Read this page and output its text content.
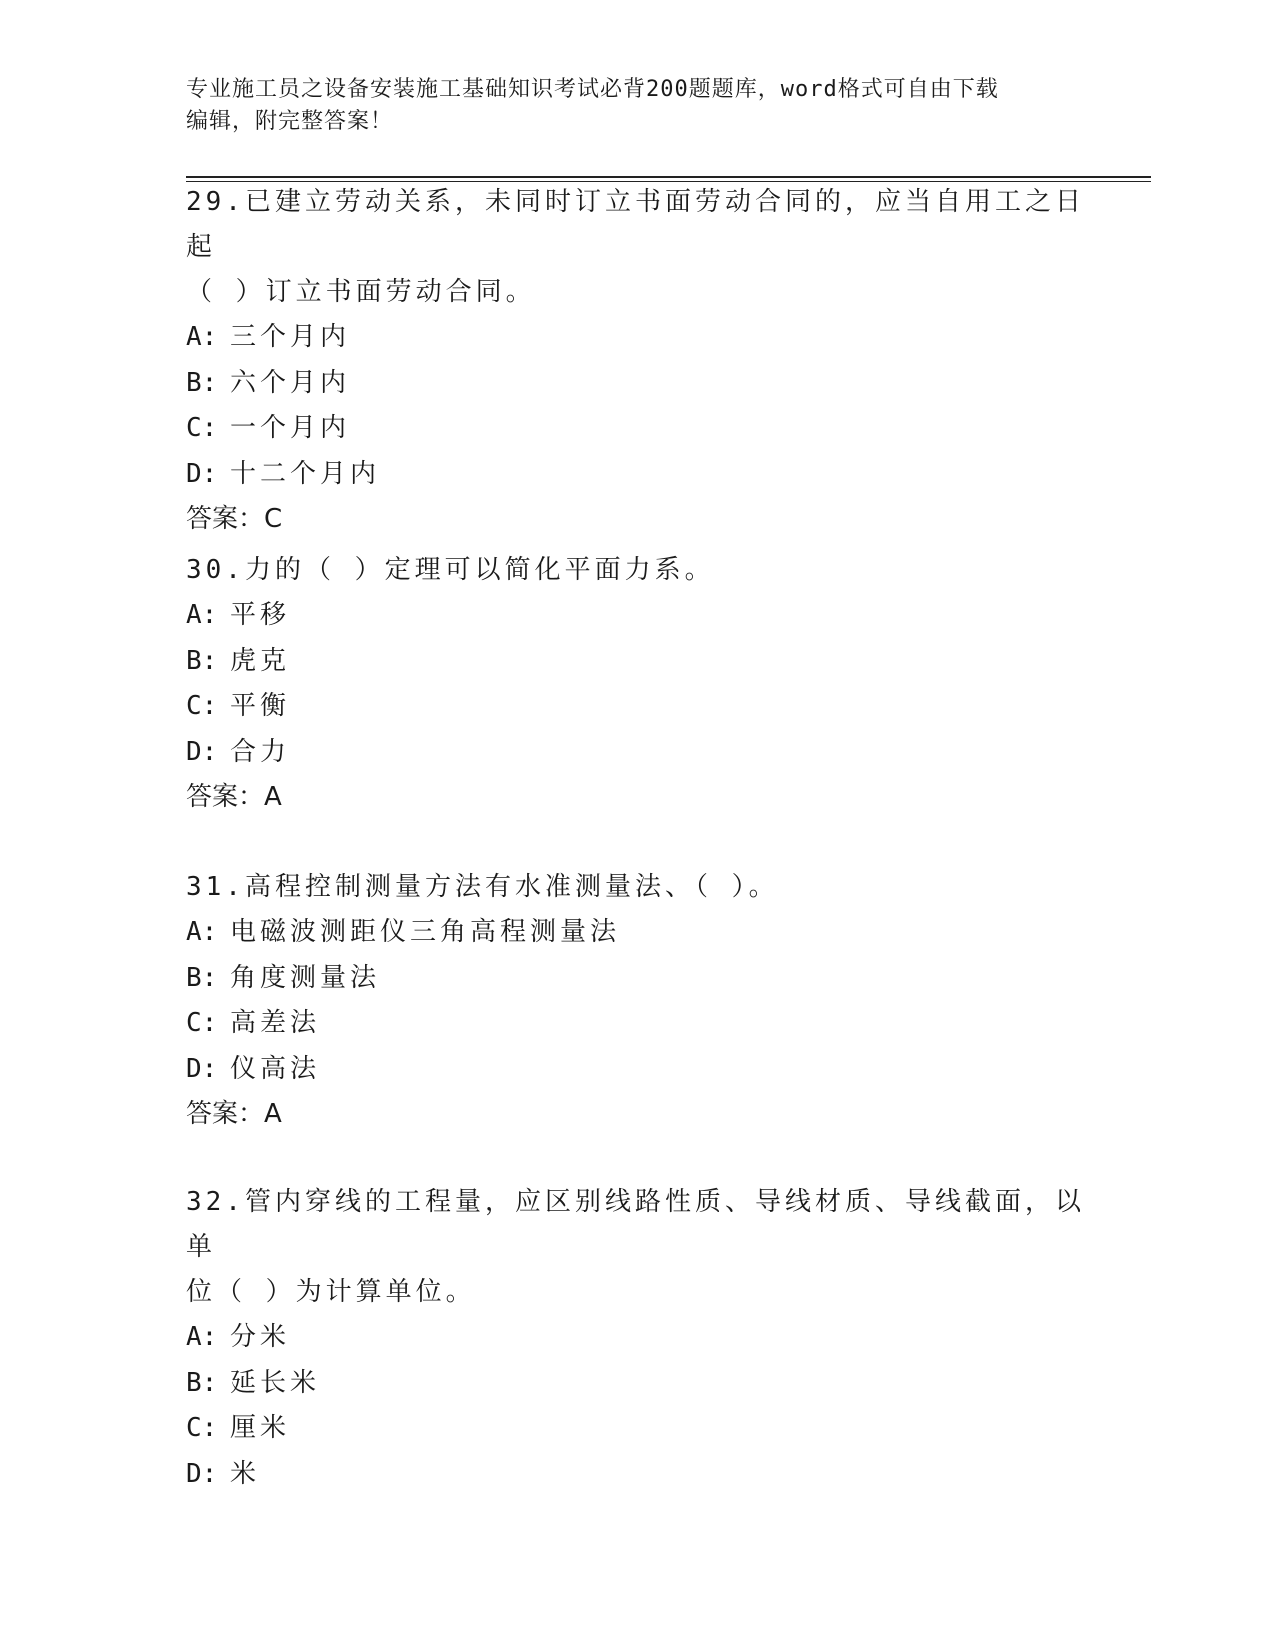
专业施工员之设备安装施工基础知识考试必背200题题库，word格式可自由下载
编辑，附完整答案！
29.已建立劳动关系，未同时订立书面劳动合同的，应当自用工之日起
（ ）订立书面劳动合同。
A: 三个月内
B: 六个月内
C: 一个月内
D: 十二个月内
答案：C
30.力的（ ）定理可以简化平面力系。
A: 平移
B: 虎克
C: 平衡
D: 合力
答案：A
31.高程控制测量方法有水准测量法、（ ）。
A: 电磁波测距仪三角高程测量法
B: 角度测量法
C: 高差法
D: 仪高法
答案：A
32.管内穿线的工程量，应区别线路性质、导线材质、导线截面，以单
位（ ）为计算单位。
A: 分米
B: 延长米
C: 厘米
D: 米
